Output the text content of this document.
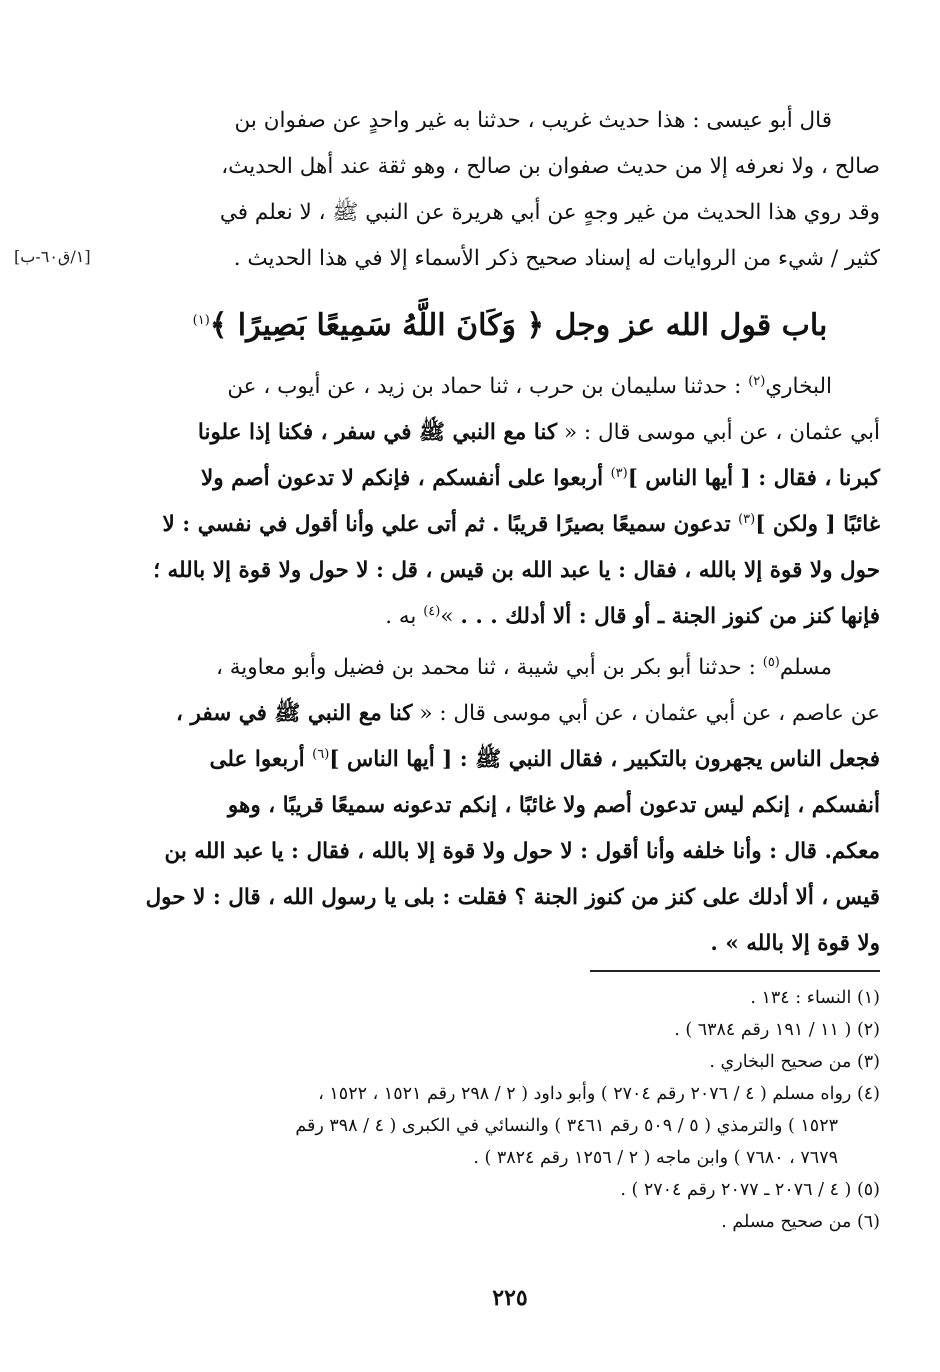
قال أبو عيسى : هذا حديث غريب ، حدثنا به غير واحدٍ عن صفوان بن
صالح ، ولا نعرفه إلا من حديث صفوان بن صالح ، وهو ثقة عند أهل الحديث،
وقد روي هذا الحديث من غير وجهٍ عن أبي هريرة عن النبي ﷺ ، لا نعلم في
كثير / شيء من الروايات له إسناد صحيح ذكر الأسماء إلا في هذا الحديث .
[١/ق٦٠-ب]
باب قول الله عز وجل ﴿ وَكَانَ اللَّهُ سَمِيعًا بَصِيرًا ﴾$^{(١)}$
البخاري$^{(٢)}$ : حدثنا سليمان بن حرب ، ثنا حماد بن زيد ، عن أيوب ، عن
أبي عثمان ، عن أبي موسى قال : « كنا مع النبي ﷺ في سفر ، فكنا إذا علونا
كبرنا ، فقال : [ أيها الناس ]$^{(٣)}$ أربعوا على أنفسكم ، فإنكم لا تدعون أصم ولا
غائبًا [ ولكن ]$^{(٣)}$ تدعون سميعًا بصيرًا قريبًا . ثم أتى علي وأنا أقول في نفسي : لا
حول ولا قوة إلا بالله ، فقال : يا عبد الله بن قيس ، قل : لا حول ولا قوة إلا بالله ؛
فإنها كنز من كنوز الجنة ـ أو قال : ألا أدلك . . . »$^{(٤)}$ به .
مسلم$^{(٥)}$ : حدثنا أبو بكر بن أبي شيبة ، ثنا محمد بن فضيل وأبو معاوية ،
عن عاصم ، عن أبي عثمان ، عن أبي موسى قال : « كنا مع النبي ﷺ في سفر ،
فجعل الناس يجهرون بالتكبير ، فقال النبي ﷺ : [ أيها الناس ]$^{(٦)}$ أربعوا على
أنفسكم ، إنكم ليس تدعون أصم ولا غائبًا ، إنكم تدعونه سميعًا قريبًا ، وهو
معكم. قال : وأنا خلفه وأنا أقول : لا حول ولا قوة إلا بالله ، فقال : يا عبد الله بن
قيس ، ألا أدلك على كنز من كنوز الجنة ؟ فقلت : بلى يا رسول الله ، قال : لا حول
ولا قوة إلا بالله » .
(١) النساء : ١٣٤ .
(٢) ( ١١ / ١٩١ رقم ٦٣٨٤ ) .
(٣) من صحيح البخاري .
(٤) رواه مسلم ( ٤ / ٢٠٧٦ رقم ٢٧٠٤ ) وأبو داود ( ٢ / ٢٩٨ رقم ١٥٢١ ، ١٥٢٢ ،
١٥٢٣ ) والترمذي ( ٥ / ٥٠٩ رقم ٣٤٦١ ) والنسائي في الكبرى ( ٤ / ٣٩٨ رقم
٧٦٧٩ ، ٧٦٨٠ ) وابن ماجه ( ٢ / ١٢٥٦ رقم ٣٨٢٤ ) .
(٥) ( ٤ / ٢٠٧٦ ـ ٢٠٧٧ رقم ٢٧٠٤ ) .
(٦) من صحيح مسلم .
٢٢٥
